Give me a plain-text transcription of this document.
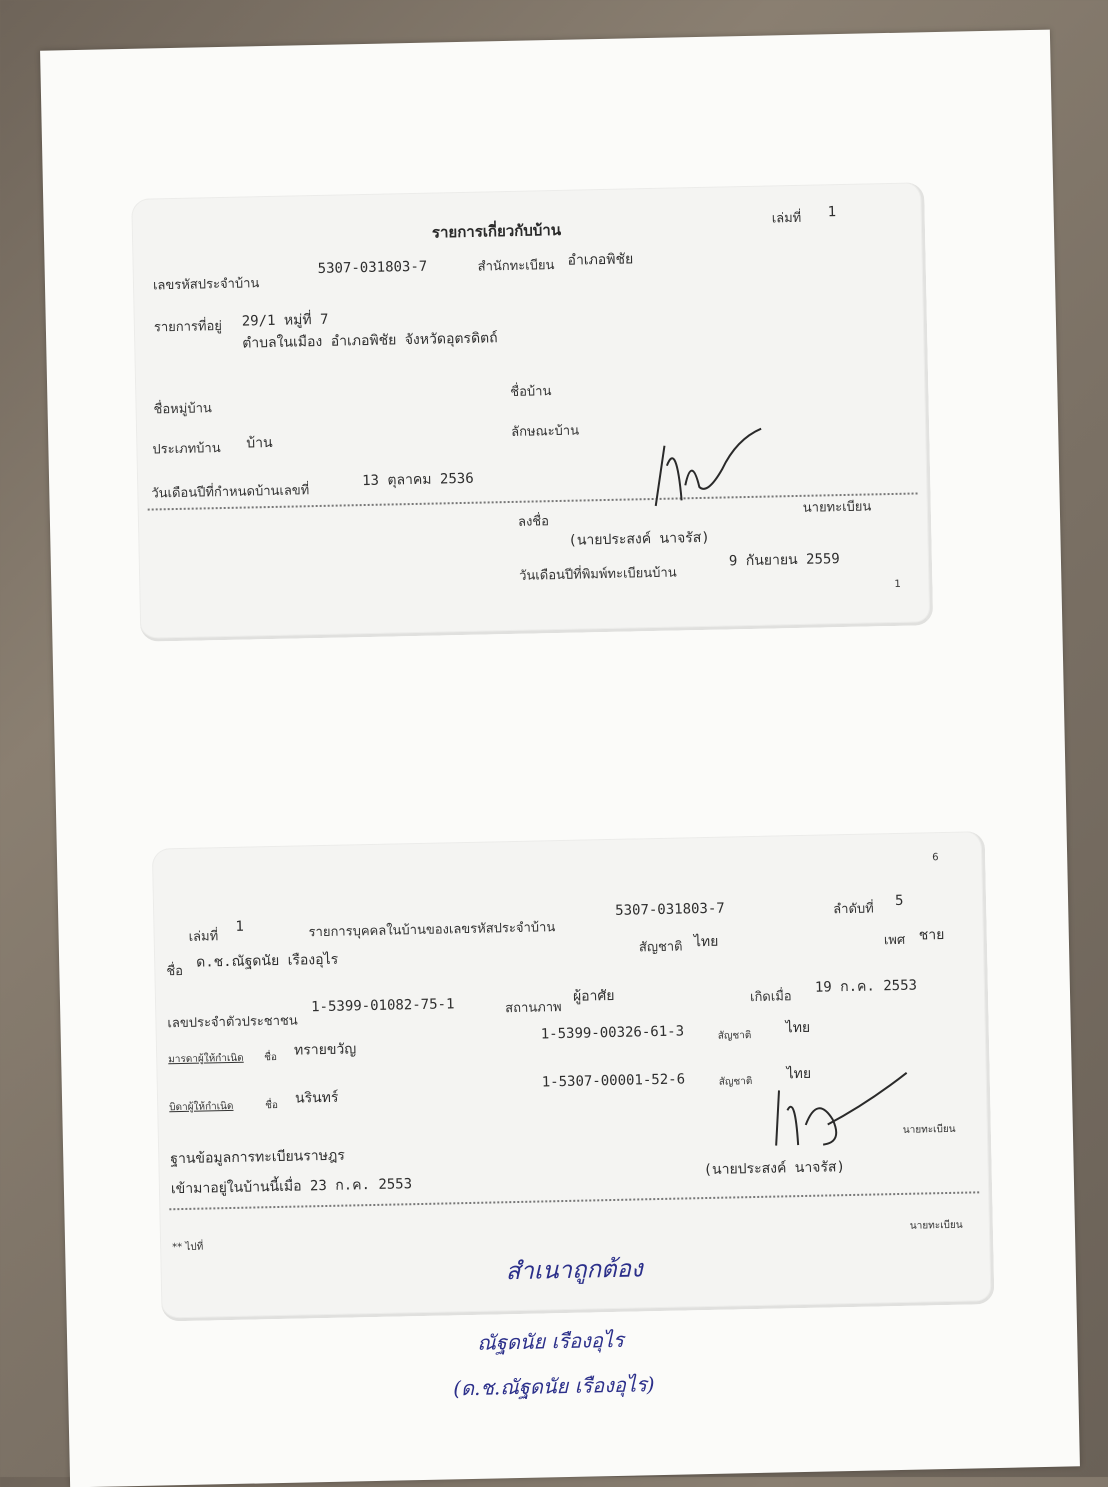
รายการเกี่ยวกับบ้าน
เล่มที่ 1
เลขรหัสประจำบ้าน
5307-031803-7	สำนักทะเบียน อำเภอพิชัย
รายการที่อยู่ 29/1 หมู่ที่ 7
ตำบลในเมือง อำเภอพิชัย จังหวัดอุตรดิตถ์
ชื่อหมู่บ้าน
ชื่อบ้าน
ประเภทบ้าน บ้าน
ลักษณะบ้าน
วันเดือนปีที่กำหนดบ้านเลขที่
13 ตุลาคม 2536
ลงชื่อ
นายทะเบียน
(นายประสงค์ นาจรัส)
วันเดือนปีที่พิมพ์ทะเบียนบ้าน
9 กันยายน 2559
1
6
เล่มที่
1	รายการบุคคลในบ้านของเลขรหัสประจำบ้าน
5307-031803-7	ลำดับที่
5
ชื่อ
ด.ช.ณัฐดนัย เรืองอุไร
สัญชาติ ไทย	เพศ ชาย
เลขประจำตัวประชาชน
1-5399-01082-75-1	สถานภาพ
ผู้อาศัย	เกิดเมื่อ
19 ก.ค. 2553
มารดาผู้ให้กำเนิด ชื่อ ทรายขวัญ
1-5399-00326-61-3	สัญชาติ ไทย
บิดาผู้ให้กำเนิด	ชื่อ นรินทร์
1-5307-00001-52-6	สัญชาติ ไทย
ฐานข้อมูลการทะเบียนราษฎร
เข้ามาอยู่ในบ้านนี้เมื่อ 23 ก.ค. 2553
นายทะเบียน
(นายประสงค์ นาจรัส)
** ไปที่
นายทะเบียน
สำเนาถูกต้อง
ณัฐดนัย เรืองอุไร
(ด.ช.ณัฐดนัย เรืองอุไร)
